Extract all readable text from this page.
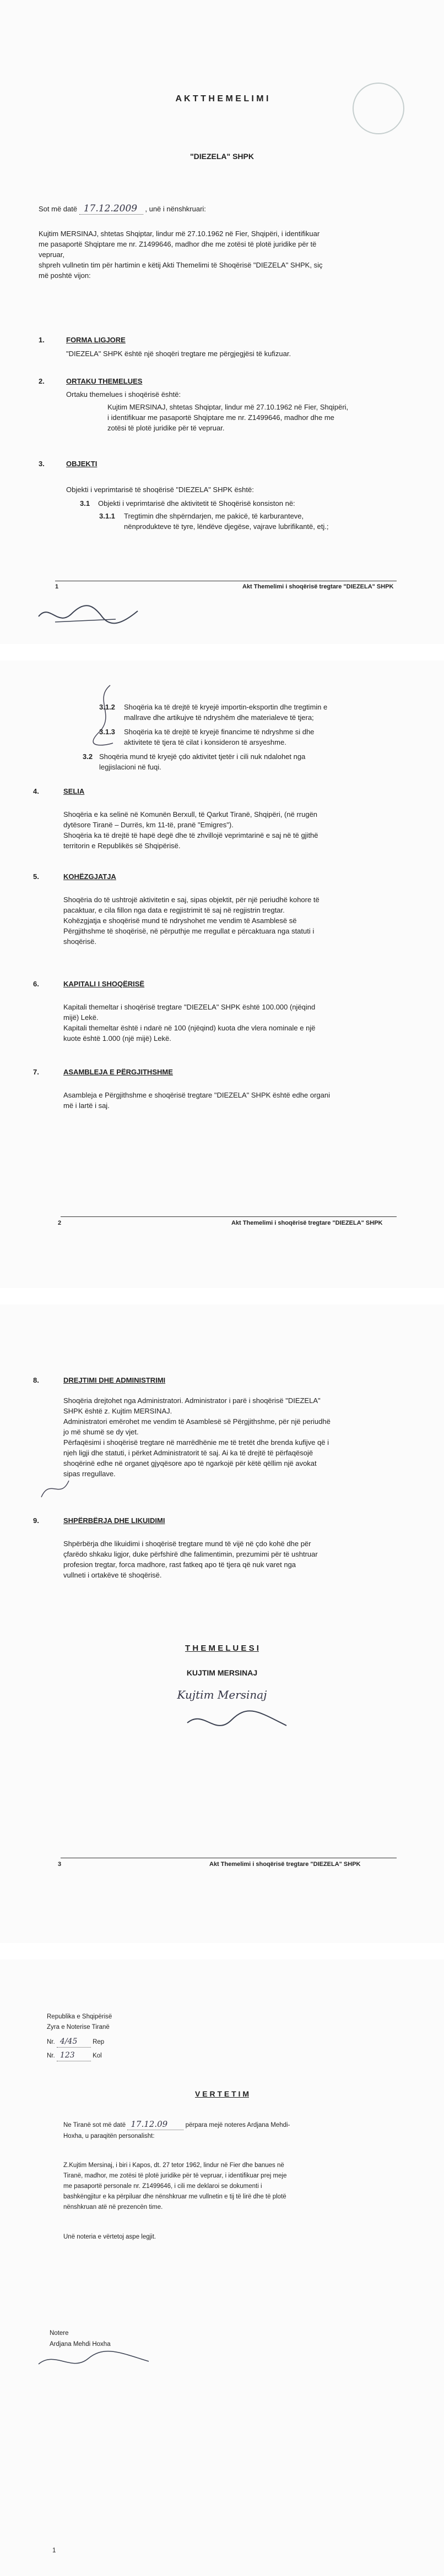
A K T T H E M E L I M I
"DIEZELA" SHPK
Sot më datë 17.12.2009 , unë i nënshkruari:
Kujtim MERSINAJ, shtetas Shqiptar, lindur më 27.10.1962 në Fier, Shqipëri, i identifikuar
me pasaportë Shqiptare me nr. Z1499646, madhor dhe me zotësi të plotë juridike për të
vepruar,
shpreh vullnetin tim për hartimin e këtij Akti Themelimi të Shoqërisë "DIEZELA" SHPK, siç
më poshtë vijon:
1.	FORMA LIGJORE
"DIEZELA" SHPK është një shoqëri tregtare me përgjegjësi të kufizuar.
2.	ORTAKU THEMELUES
Ortaku themelues i shoqërisë është:
Kujtim MERSINAJ, shtetas Shqiptar, lindur më 27.10.1962 në Fier, Shqipëri,
i identifikuar me pasaportë Shqiptare me nr. Z1499646, madhor dhe me
zotësi të plotë juridike për të vepruar.
3.	OBJEKTI
Objekti i veprimtarisë të shoqërisë "DIEZELA" SHPK është:
3.1 Objekti i veprimtarisë dhe aktivitetit të Shoqërisë konsiston në:
3.1.1 Tregtimin dhe shpërndarjen, me pakicë, të karburanteve,
nënprodukteve të tyre, lëndëve djegëse, vajrave lubrifikantë, etj.;
1	Akt Themelimi i shoqërisë tregtare "DIEZELA" SHPK
3.1.2 Shoqëria ka të drejtë të kryejë importin-eksportin dhe tregtimin e
mallrave dhe artikujve të ndryshëm dhe materialeve të tjera;
3.1.3 Shoqëria ka të drejtë të kryejë financime të ndryshme si dhe
aktivitete të tjera të cilat i konsideron të arsyeshme.
3.2 Shoqëria mund të kryejë çdo aktivitet tjetër i cili nuk ndalohet nga
legjislacioni në fuqi.
4.	SELIA
Shoqëria e ka selinë në Komunën Berxull, të Qarkut Tiranë, Shqipëri, (në rrugën
dytësore Tiranë – Durrës, km 11-të, pranë "Emigres").
Shoqëria ka të drejtë të hapë degë dhe të zhvillojë veprimtarinë e saj në të gjithë
territorin e Republikës së Shqipërisë.
5.	KOHËZGJATJA
Shoqëria do të ushtrojë aktivitetin e saj, sipas objektit, për një periudhë kohore të
pacaktuar, e cila fillon nga data e regjistrimit të saj në regjistrin tregtar.
Kohëzgjatja e shoqërisë mund të ndryshohet me vendim të Asamblesë së
Përgjithshme të shoqërisë, në përputhje me rregullat e përcaktuara nga statuti i
shoqërisë.
6.	KAPITALI I SHOQËRISË
Kapitali themeltar i shoqërisë tregtare "DIEZELA" SHPK është 100.000 (njëqind
mijë) Lekë.
Kapitali themeltar është i ndarë në 100 (njëqind) kuota dhe vlera nominale e një
kuote është 1.000 (një mijë) Lekë.
7.	ASAMBLEJA E PËRGJITHSHME
Asambleja e Përgjithshme e shoqërisë tregtare "DIEZELA" SHPK është edhe organi
më i lartë i saj.
2	Akt Themelimi i shoqërisë tregtare "DIEZELA" SHPK
8.	DREJTIMI DHE ADMINISTRIMI
Shoqëria drejtohet nga Administratori. Administrator i parë i shoqërisë "DIEZELA"
SHPK është z. Kujtim MERSINAJ.
Administratori emërohet me vendim të Asamblesë së Përgjithshme, për një periudhë
jo më shumë se dy vjet.
Përfaqësimi i shoqërisë tregtare në marrëdhënie me të tretët dhe brenda kufijve që i
njeh ligji dhe statuti, i përket Administratorit të saj. Ai ka të drejtë të përfaqësojë
shoqërinë edhe në organet gjyqësore apo të ngarkojë për këtë qëllim një avokat
sipas rregullave.
9.	SHPËRBËRJA DHE LIKUIDIMI
Shpërbërja dhe likuidimi i shoqërisë tregtare mund të vijë në çdo kohë dhe për
çfarëdo shkaku ligjor, duke përfshirë dhe falimentimin, prezumimi për të ushtruar
profesion tregtar, forca madhore, rast fatkeq apo të tjera që nuk varet nga
vullneti i ortakëve të shoqërisë.
T H E M E L U E S I
KUJTIM MERSINAJ
Kujtim Mersinaj
3	Akt Themelimi i shoqërisë tregtare "DIEZELA" SHPK
Republika e Shqipërisë
Zyra e Noterise Tiranë
Nr. 4/45 Rep
Nr. 123	Kol
V E R T E T I M
Ne Tiranë sot më datë 17.12.09	përpara mejë noteres Ardjana Mehdi-
Hoxha, u paraqitën personalisht:
Z.Kujtim Mersinaj, i biri i Kapos, dt. 27 tetor 1962, lindur në Fier dhe banues në
Tiranë, madhor, me zotësi të plotë juridike për të vepruar, i identifikuar prej meje
me pasaportë personale nr. Z1499646, i cili me deklaroi se dokumenti i
bashkëngjitur e ka përpiluar dhe nënshkruar me vullnetin e tij të lirë dhe të plotë
nënshkruan atë në prezencën time.
Unë noteria e vërtetoj aspe legjit.
Notere
Ardjana Mehdi Hoxha
1
